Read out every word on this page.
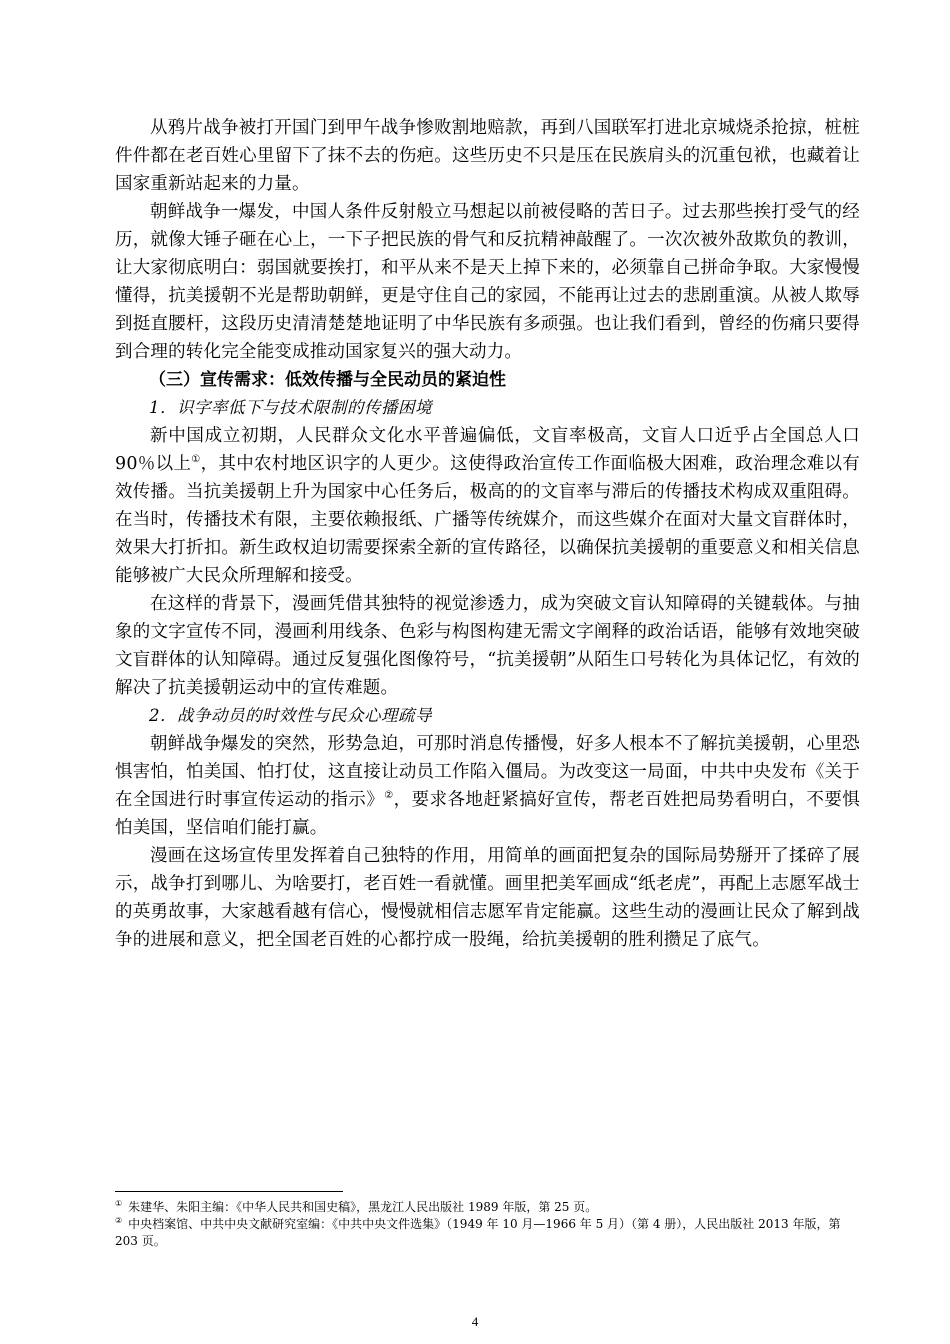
从鸦片战争被打开国门到甲午战争惨败割地赔款，再到八国联军打进北京城烧杀抢掠，桩桩件件都在老百姓心里留下了抹不去的伤疤。这些历史不只是压在民族肩头的沉重包袱，也藏着让国家重新站起来的力量。

朝鲜战争一爆发，中国人条件反射般立马想起以前被侵略的苦日子。过去那些挨打受气的经历，就像大锤子砸在心上，一下子把民族的骨气和反抗精神敲醒了。一次次被外敌欺负的教训，让大家彻底明白：弱国就要挨打，和平从来不是天上掉下来的，必须靠自己拼命争取。大家慢慢懂得，抗美援朝不光是帮助朝鲜，更是守住自己的家园，不能再让过去的悲剧重演。从被人欺辱到挺直腰杆，这段历史清清楚楚地证明了中华民族有多顽强。也让我们看到，曾经的伤痛只要得到合理的转化完全能变成推动国家复兴的强大动力。

（三）宣传需求：低效传播与全民动员的紧迫性

1．识字率低下与技术限制的传播困境

新中国成立初期，人民群众文化水平普遍偏低，文盲率极高，文盲人口近乎占全国总人口 90％以上①，其中农村地区识字的人更少。这使得政治宣传工作面临极大困难，政治理念难以有效传播。当抗美援朝上升为国家中心任务后，极高的的文盲率与滞后的传播技术构成双重阻碍。在当时，传播技术有限，主要依赖报纸、广播等传统媒介，而这些媒介在面对大量文盲群体时，效果大打折扣。新生政权迫切需要探索全新的宣传路径，以确保抗美援朝的重要意义和相关信息能够被广大民众所理解和接受。

在这样的背景下，漫画凭借其独特的视觉渗透力，成为突破文盲认知障碍的关键载体。与抽象的文字宣传不同，漫画利用线条、色彩与构图构建无需文字阐释的政治话语，能够有效地突破文盲群体的认知障碍。通过反复强化图像符号，“抗美援朝”从陌生口号转化为具体记忆，有效的解决了抗美援朝运动中的宣传难题。

2．战争动员的时效性与民众心理疏导

朝鲜战争爆发的突然，形势急迫，可那时消息传播慢，好多人根本不了解抗美援朝，心里恐惧害怕，怕美国、怕打仗，这直接让动员工作陷入僵局。为改变这一局面，中共中央发布《关于在全国进行时事宣传运动的指示》②，要求各地赶紧搞好宣传，帮老百姓把局势看明白，不要惧怕美国，坚信咱们能打赢。

漫画在这场宣传里发挥着自己独特的作用，用简单的画面把复杂的国际局势掰开了揉碎了展示，战争打到哪儿、为啥要打，老百姓一看就懂。画里把美军画成“纸老虎”，再配上志愿军战士的英勇故事，大家越看越有信心，慢慢就相信志愿军肯定能赢。这些生动的漫画让民众了解到战争的进展和意义，把全国老百姓的心都拧成一股绳，给抗美援朝的胜利攒足了底气。

① 朱建华、朱阳主编：《中华人民共和国史稿》，黑龙江人民出版社 1989 年版，第 25 页。

② 中央档案馆、中共中央文献研究室编：《中共中央文件选集》（1949 年 10 月—1966 年 5 月）（第 4 册），人民出版社 2013 年版，第 203 页。

4
